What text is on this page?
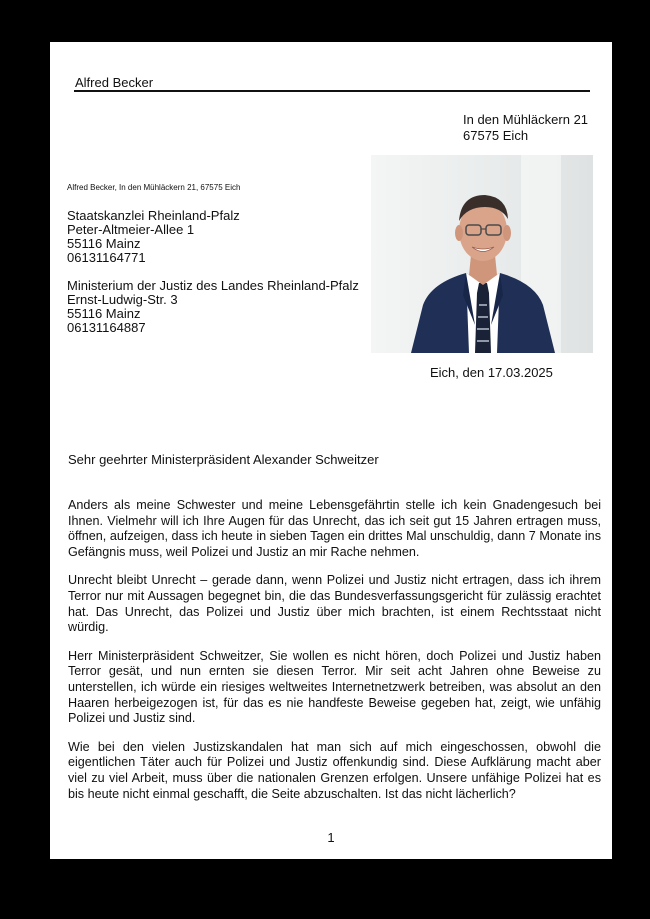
Alfred Becker
In den Mühläckern 21
67575 Eich
Alfred Becker, In den Mühläckern 21, 67575 Eich
Staatskanzlei Rheinland-Pfalz
Peter-Altmeier-Allee 1
55116 Mainz
06131164771
Ministerium der Justiz des Landes Rheinland-Pfalz
Ernst-Ludwig-Str. 3
55116 Mainz
06131164887
Eich, den 17.03.2025
Sehr geehrter Ministerpräsident Alexander Schweitzer

Anders als meine Schwester und meine Lebensgefährtin stelle ich kein Gnadengesuch bei Ihnen. Vielmehr will ich Ihre Augen für das Unrecht, das ich seit gut 15 Jahren ertragen muss, öffnen, aufzeigen, dass ich heute in sieben Tagen ein drittes Mal unschuldig, dann 7 Monate ins Gefängnis muss, weil Polizei und Justiz an mir Rache nehmen.

Unrecht bleibt Unrecht – gerade dann, wenn Polizei und Justiz nicht ertragen, dass ich ihrem Terror nur mit Aussagen begegnet bin, die das Bundesverfassungsgericht für zulässig erachtet hat. Das Unrecht, das Polizei und Justiz über mich brachten, ist einem Rechtsstaat nicht würdig.

Herr Ministerpräsident Schweitzer, Sie wollen es nicht hören, doch Polizei und Justiz haben Terror gesät, und nun ernten sie diesen Terror. Mir seit acht Jahren ohne Beweise zu unterstellen, ich würde ein riesiges weltweites Internetnetzwerk betreiben, was absolut an den Haaren herbeigezogen ist, für das es nie handfeste Beweise gegeben hat, zeigt, wie unfähig Polizei und Justiz sind.

Wie bei den vielen Justizskandalen hat man sich auf mich eingeschossen, obwohl die eigentlichen Täter auch für Polizei und Justiz offenkundig sind. Diese Aufklärung macht aber viel zu viel Arbeit, muss über die nationalen Grenzen erfolgen. Unsere unfähige Polizei hat es bis heute nicht einmal geschafft, die Seite abzuschalten. Ist das nicht lächerlich?

1
